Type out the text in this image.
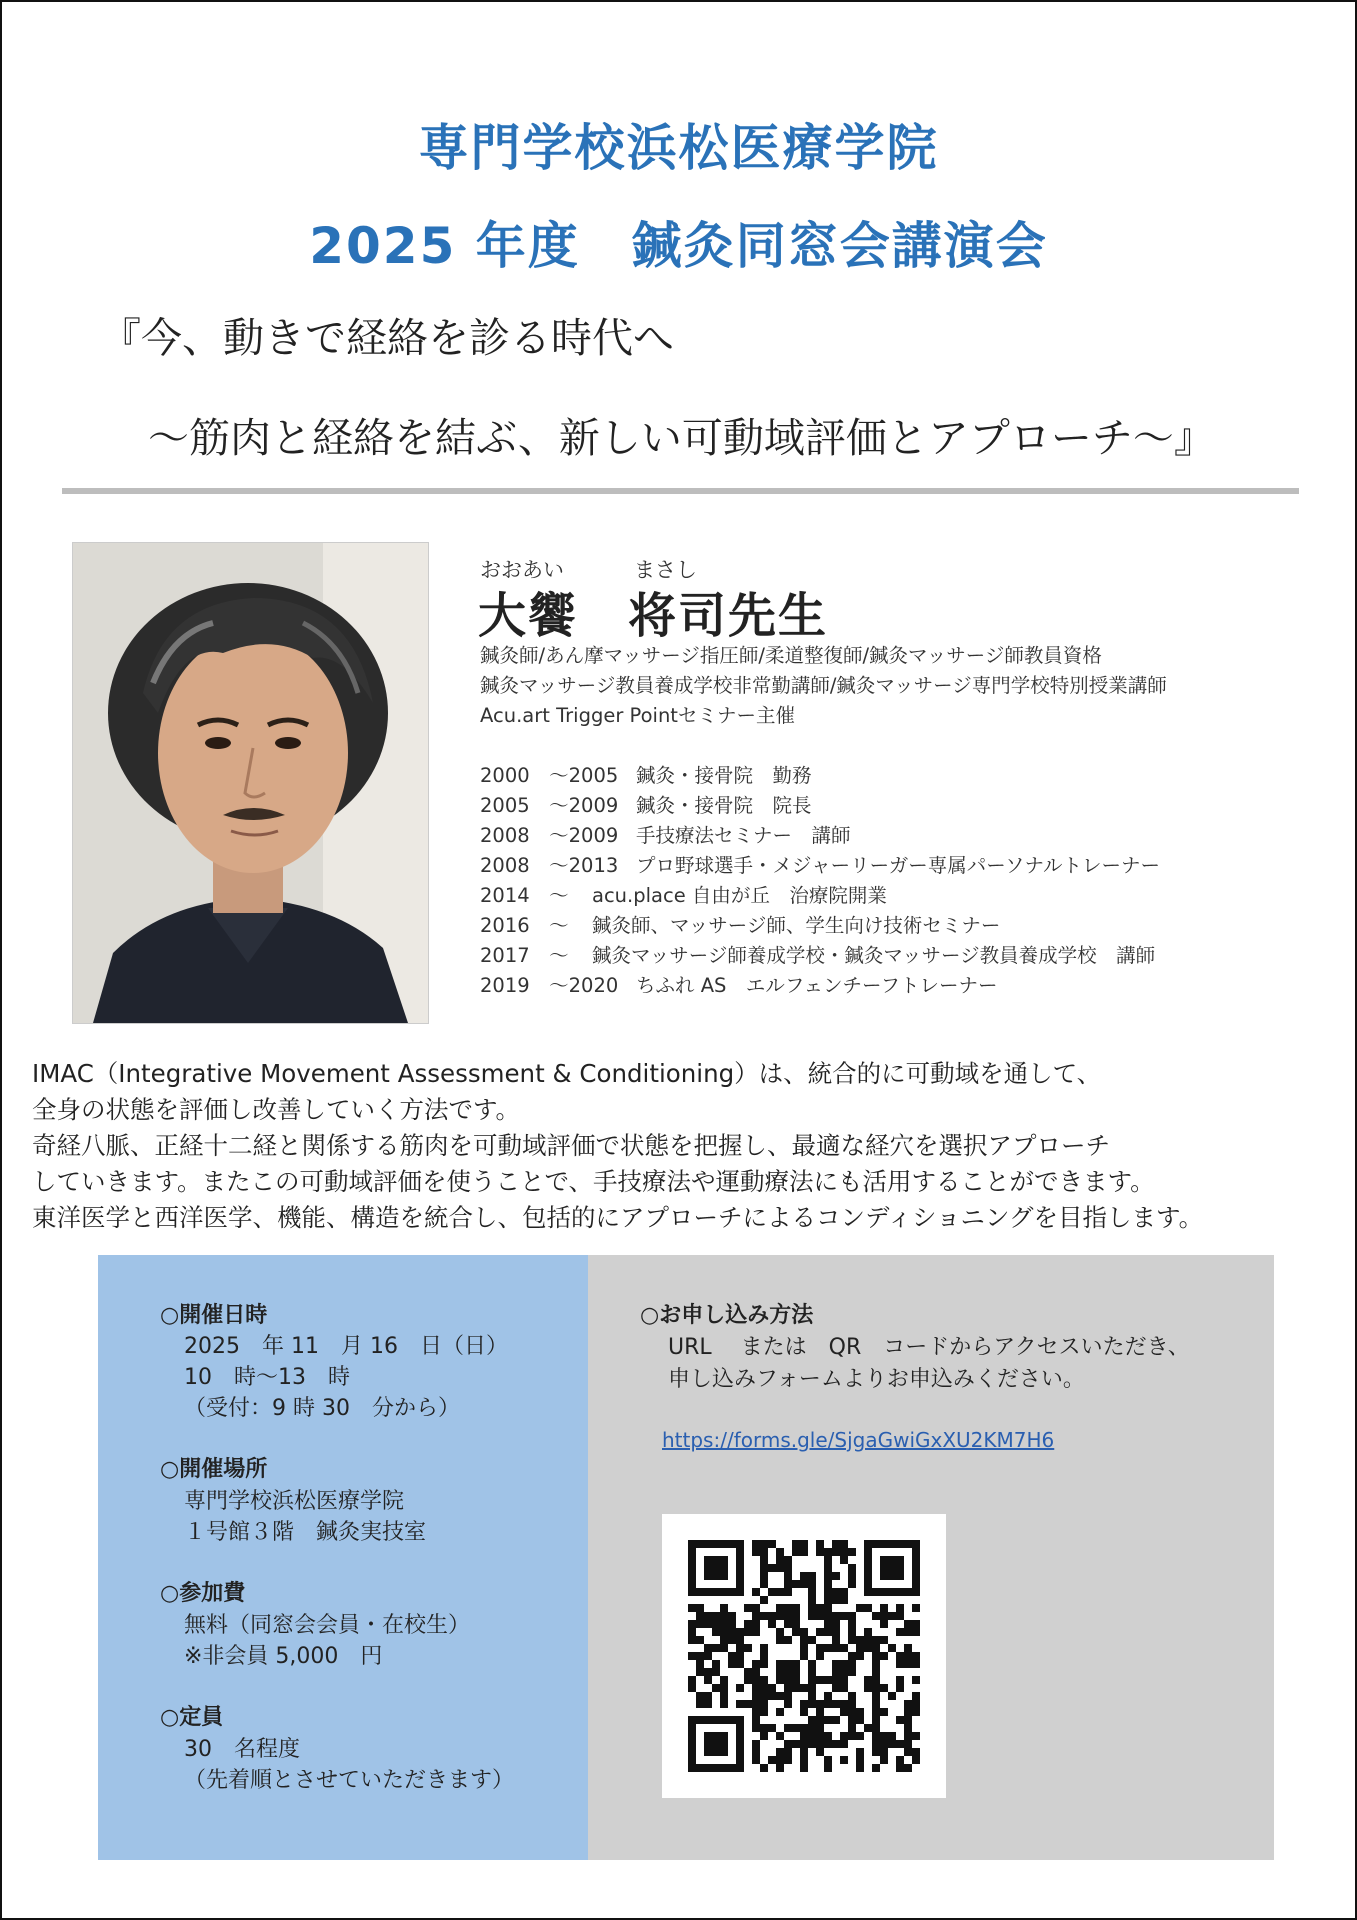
専門学校浜松医療学院
2025 年度　鍼灸同窓会講演会
『今、動きで経絡を診る時代へ
～筋肉と経絡を結ぶ、新しい可動域評価とアプローチ～』
おおあい	まさし
大饗　将司先生
鍼灸師/あん摩マッサージ指圧師/柔道整復師/鍼灸マッサージ師教員資格
鍼灸マッサージ教員養成学校非常勤講師/鍼灸マッサージ専門学校特別授業講師
Acu.art Trigger Pointセミナー主催
2000　～2005 鍼灸・接骨院　勤務
2005　～2009 鍼灸・接骨院　院長
2008　～2009 手技療法セミナー　講師
2008　～2013 プロ野球選手・メジャーリーガー専属パーソナルトレーナー
2014　～ acu.place 自由が丘　治療院開業
2016　～ 鍼灸師、マッサージ師、学生向け技術セミナー
2017　～ 鍼灸マッサージ師養成学校・鍼灸マッサージ教員養成学校　講師
2019　～2020 ちふれ AS　エルフェンチーフトレーナー
IMAC（Integrative Movement Assessment & Conditioning）は、統合的に可動域を通して、
全身の状態を評価し改善していく方法です。
奇経八脈、正経十二経と関係する筋肉を可動域評価で状態を把握し、最適な経穴を選択アプローチ
していきます。またこの可動域評価を使うことで、手技療法や運動療法にも活用することができます。
東洋医学と西洋医学、機能、構造を統合し、包括的にアプローチによるコンディショニングを目指します。
○開催日時
2025　年 11　月 16　日（日）
10　時～13　時
（受付：9 時 30　分から）
○開催場所
専門学校浜松医療学院
１号館３階　鍼灸実技室
○参加費
無料（同窓会会員・在校生）
※非会員 5,000　円
○定員
30　名程度
（先着順とさせていただきます）
○お申し込み方法
URL　 または　QR　コードからアクセスいただき、
申し込みフォームよりお申込みください。
https://forms.gle/SjgaGwiGxXU2KM7H6
